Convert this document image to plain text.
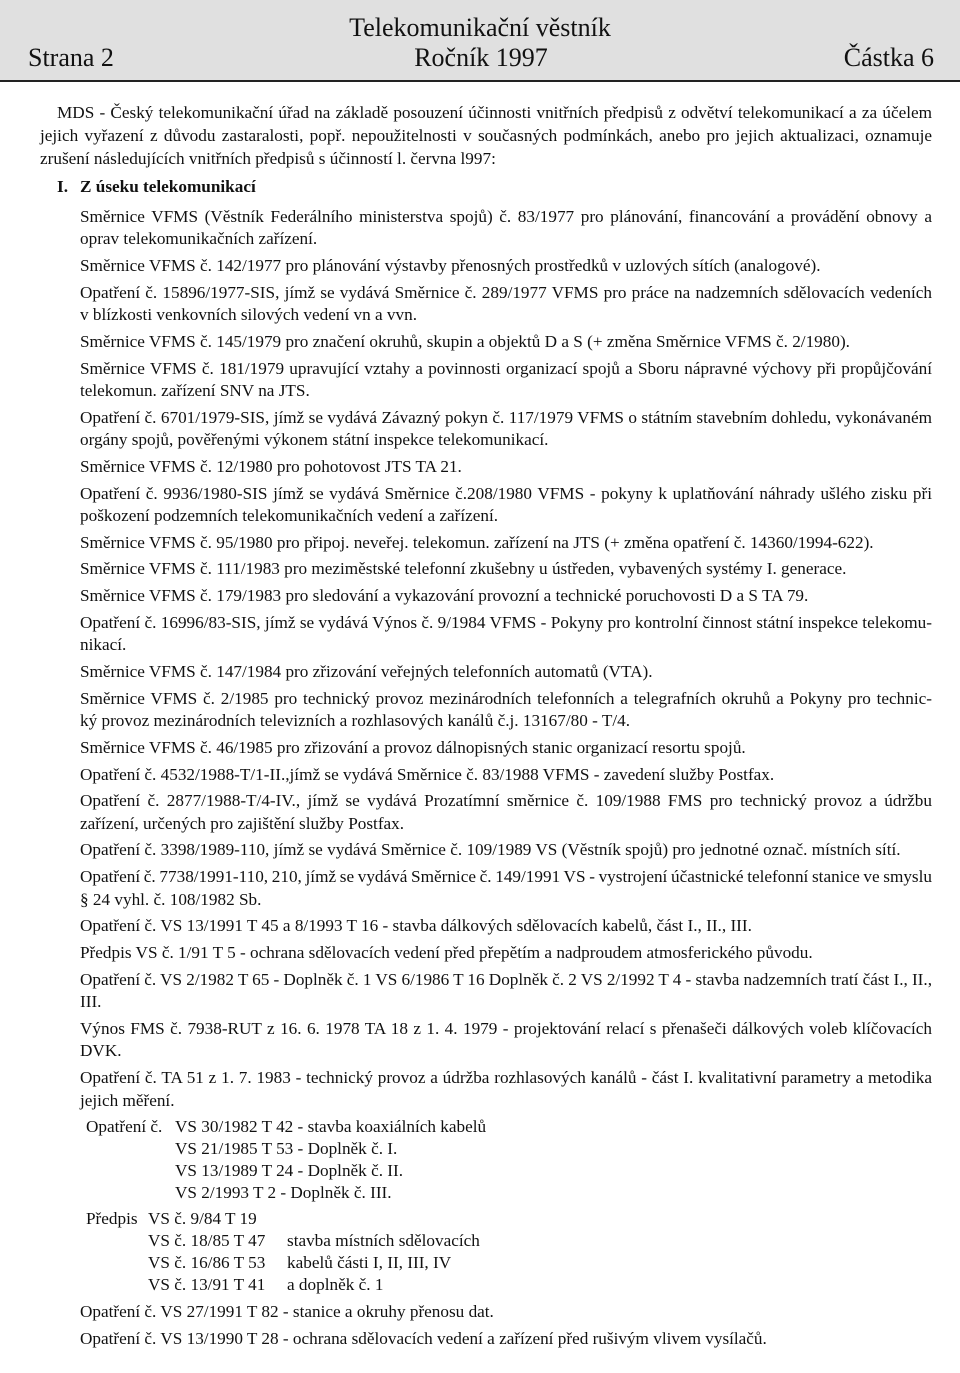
Telekomunikační věstník
Strana 2	Ročník 1997	Částka 6
MDS - Český telekomunikační úřad na základě posouzení účinnosti vnitřních předpisů z odvětví telekomunikací a za účelem
jejich vyřazení z důvodu zastaralosti, popř. nepoužitelnosti v současných podmínkách, anebo pro jejich aktualizaci, oznamuje
zrušení následujících vnitřních předpisů s účinností l. června l997:
I. Z úseku telekomunikací
Směrnice VFMS (Věstník Federálního ministerstva spojů) č. 83/1977 pro plánování, financování a provádění obnovy a
oprav telekomunikačních zařízení.
Směrnice VFMS č. 142/1977 pro plánování výstavby přenosných prostředků v uzlových sítích (analogové).
Opatření č. 15896/1977-SIS, jímž se vydává Směrnice č. 289/1977 VFMS pro práce na nadzemních sdělovacích vedeních
v blízkosti venkovních silových vedení vn a vvn.
Směrnice VFMS č. 145/1979 pro značení okruhů, skupin a objektů D a S (+ změna Směrnice VFMS č. 2/1980).
Směrnice VFMS č. 181/1979 upravující vztahy a povinnosti organizací spojů a Sboru nápravné výchovy při propůjčování
telekomun. zařízení SNV na JTS.
Opatření č. 6701/1979-SIS, jímž se vydává Závazný pokyn č. 117/1979 VFMS o státním stavebním dohledu, vykonávaném
orgány spojů, pověřenými výkonem státní inspekce telekomunikací.
Směrnice VFMS č. 12/1980 pro pohotovost JTS TA 21.
Opatření č. 9936/1980-SIS jímž se vydává Směrnice č.208/1980 VFMS - pokyny k uplatňování náhrady ušlého zisku při
poškození podzemních telekomunikačních vedení a zařízení.
Směrnice VFMS č. 95/1980 pro připoj. neveřej. telekomun. zařízení na JTS (+ změna opatření č. 14360/1994-622).
Směrnice VFMS č. 111/1983 pro meziměstské telefonní zkušebny u ústředen, vybavených systémy I. generace.
Směrnice VFMS č. 179/1983 pro sledování a vykazování provozní a technické poruchovosti D a S TA 79.
Opatření č. 16996/83-SIS, jímž se vydává Výnos č. 9/1984 VFMS - Pokyny pro kontrolní činnost státní inspekce telekomu-
nikací.
Směrnice VFMS č. 147/1984 pro zřizování veřejných telefonních automatů (VTA).
Směrnice VFMS č. 2/1985 pro technický provoz mezinárodních telefonních a telegrafních okruhů a Pokyny pro technic-
ký provoz mezinárodních televizních a rozhlasových kanálů č.j. 13167/80 - T/4.
Směrnice VFMS č. 46/1985 pro zřizování a provoz dálnopisných stanic organizací resortu spojů.
Opatření č. 4532/1988-T/1-II.,jímž se vydává Směrnice č. 83/1988 VFMS - zavedení služby Postfax.
Opatření č. 2877/1988-T/4-IV., jímž se vydává Prozatímní směrnice č. 109/1988 FMS pro technický provoz a údržbu
zařízení, určených pro zajištění služby Postfax.
Opatření č. 3398/1989-110, jímž se vydává Směrnice č. 109/1989 VS (Věstník spojů) pro jednotné označ. místních sítí.
Opatření č. 7738/1991-110, 210, jímž se vydává Směrnice č. 149/1991 VS - vystrojení účastnické telefonní stanice ve smyslu
§ 24 vyhl. č. 108/1982 Sb.
Opatření č. VS 13/1991 T 45 a 8/1993 T 16 - stavba dálkových sdělovacích kabelů, část I., II., III.
Předpis VS č. 1/91 T 5 - ochrana sdělovacích vedení před přepětím a nadproudem atmosferického původu.
Opatření č. VS 2/1982 T 65 - Doplněk č. 1 VS 6/1986 T 16 Doplněk č. 2 VS 2/1992 T 4 - stavba nadzemních tratí část I., II.,
III.
Výnos FMS č. 7938-RUT z 16. 6. 1978 TA 18 z 1. 4. 1979 - projektování relací s přenašeči dálkových voleb klíčovacích
DVK.
Opatření č. TA 51 z 1. 7. 1983 - technický provoz a údržba rozhlasových kanálů - část I. kvalitativní parametry a metodika
jejich měření.
Opatření č. VS 30/1982 T 42 - stavba koaxiálních kabelů
VS 21/1985 T 53 - Doplněk č. I.
VS 13/1989 T 24 - Doplněk č. II.
VS 2/1993 T 2 - Doplněk č. III.
Předpis VS č. 9/84 T 19
VS č. 18/85 T 47	stavba místních sdělovacích
VS č. 16/86 T 53	kabelů části I, II, III, IV
VS č. 13/91 T 41	a doplněk č. 1
Opatření č. VS 27/1991 T 82 - stanice a okruhy přenosu dat.
Opatření č. VS 13/1990 T 28 - ochrana sdělovacích vedení a zařízení před rušivým vlivem vysílačů.
